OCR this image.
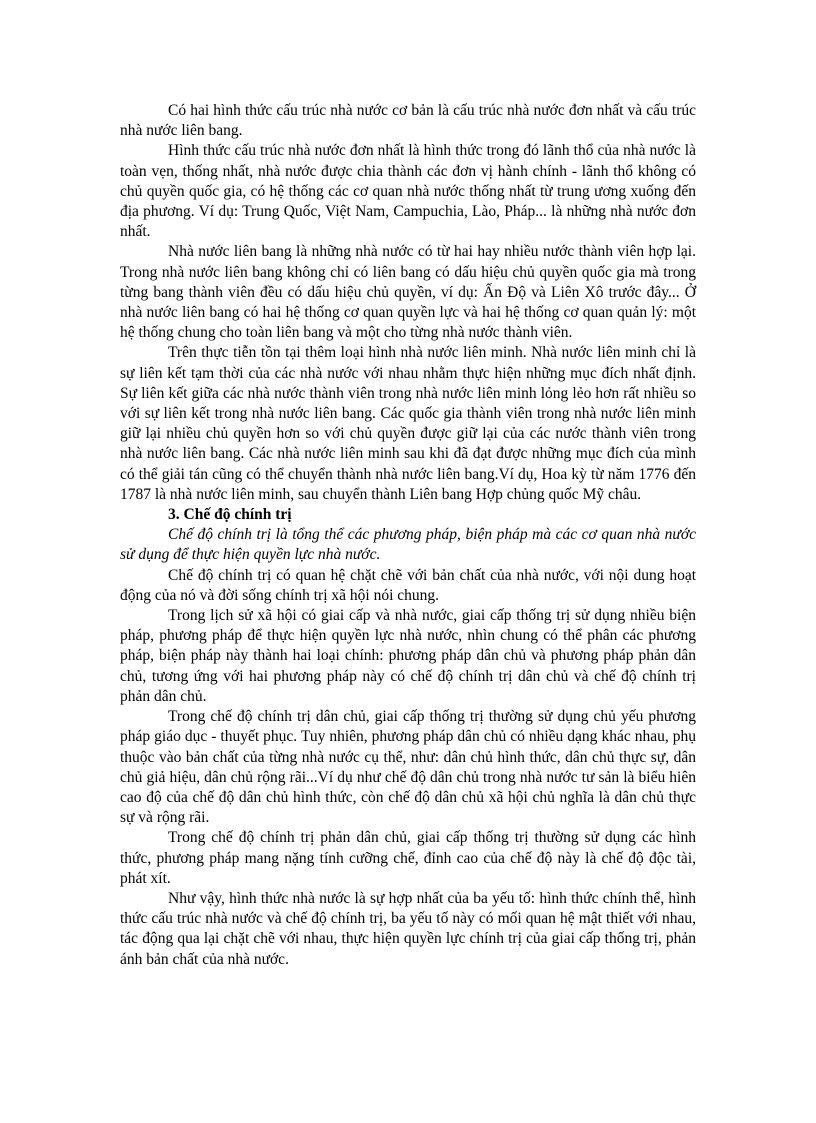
Có hai hình thức cấu trúc nhà nước cơ bản là cấu trúc nhà nước đơn nhất và cấu trúc nhà nước liên bang.

Hình thức cấu trúc nhà nước đơn nhất là hình thức trong đó lãnh thổ của nhà nước là toàn vẹn, thống nhất, nhà nước được chia thành các đơn vị hành chính - lãnh thổ không có chủ quyền quốc gia, có hệ thống các cơ quan nhà nước thống nhất từ trung ương xuống đến địa phương. Ví dụ: Trung Quốc, Việt Nam, Campuchia, Lào, Pháp... là những nhà nước đơn nhất.

Nhà nước liên bang là những nhà nước có từ hai hay nhiều nước thành viên hợp lại. Trong nhà nước liên bang không chỉ có liên bang có dấu hiệu chủ quyền quốc gia mà trong từng bang thành viên đều có dấu hiệu chủ quyền, ví dụ: Ấn Độ và Liên Xô trước đây... Ở nhà nước liên bang có hai hệ thống cơ quan quyền lực và hai hệ thống cơ quan quản lý: một hệ thống chung cho toàn liên bang và một cho từng nhà nước thành viên.

Trên thực tiễn tồn tại thêm loại hình nhà nước liên minh. Nhà nước liên minh chỉ là sự liên kết tạm thời của các nhà nước với nhau nhằm thực hiện những mục đích nhất định. Sự liên kết giữa các nhà nước thành viên trong nhà nước liên minh lỏng lẻo hơn rất nhiều so với sự liên kết trong nhà nước liên bang. Các quốc gia thành viên trong nhà nước liên minh giữ lại nhiều chủ quyền hơn so với chủ quyền được giữ lại của các nước thành viên trong nhà nước liên bang. Các nhà nước liên minh sau khi đã đạt được những mục đích của mình có thể giải tán cũng có thể chuyển thành nhà nước liên bang.Ví dụ, Hoa kỳ từ năm 1776 đến 1787 là nhà nước liên minh, sau chuyển thành Liên bang Hợp chủng quốc Mỹ châu.

3. Chế độ chính trị

Chế độ chính trị là tổng thể các phương pháp, biện pháp mà các cơ quan nhà nước sử dụng để thực hiện quyền lực nhà nước.

Chế độ chính trị có quan hệ chặt chẽ với bản chất của nhà nước, với nội dung hoạt động của nó và đời sống chính trị xã hội nói chung.

Trong lịch sử xã hội có giai cấp và nhà nước, giai cấp thống trị sử dụng nhiều biện pháp, phương pháp để thực hiện quyền lực nhà nước, nhìn chung có thể phân các phương pháp, biện pháp này thành hai loại chính: phương pháp dân chủ và phương pháp phản dân chủ, tương ứng với hai phương pháp này có chế độ chính trị dân chủ và chế độ chính trị phản dân chủ.

Trong chế độ chính trị dân chủ, giai cấp thống trị thường sử dụng chủ yếu phương pháp giáo dục - thuyết phục. Tuy nhiên, phương pháp dân chủ có nhiều dạng khác nhau, phụ thuộc vào bản chất của từng nhà nước cụ thể, như: dân chủ hình thức, dân chủ thực sự, dân chủ giả hiệu, dân chủ rộng rãi...Ví dụ như chế độ dân chủ trong nhà nước tư sản là biểu hiên cao độ của chế độ dân chủ hình thức, còn chế độ dân chủ xã hội chủ nghĩa là dân chủ thực sự và rộng rãi.

Trong chế độ chính trị phản dân chủ, giai cấp thống trị thường sử dụng các hình thức, phương pháp mang nặng tính cưỡng chế, đỉnh cao của chế độ này là chế độ độc tài, phát xít.

Như vậy, hình thức nhà nước là sự hợp nhất của ba yếu tố: hình thức chính thể, hình thức cấu trúc nhà nước và chế độ chính trị, ba yếu tố này có mối quan hệ mật thiết với nhau, tác động qua lại chặt chẽ với nhau, thực hiện quyền lực chính trị của giai cấp thống trị, phản ánh bản chất của nhà nước.
